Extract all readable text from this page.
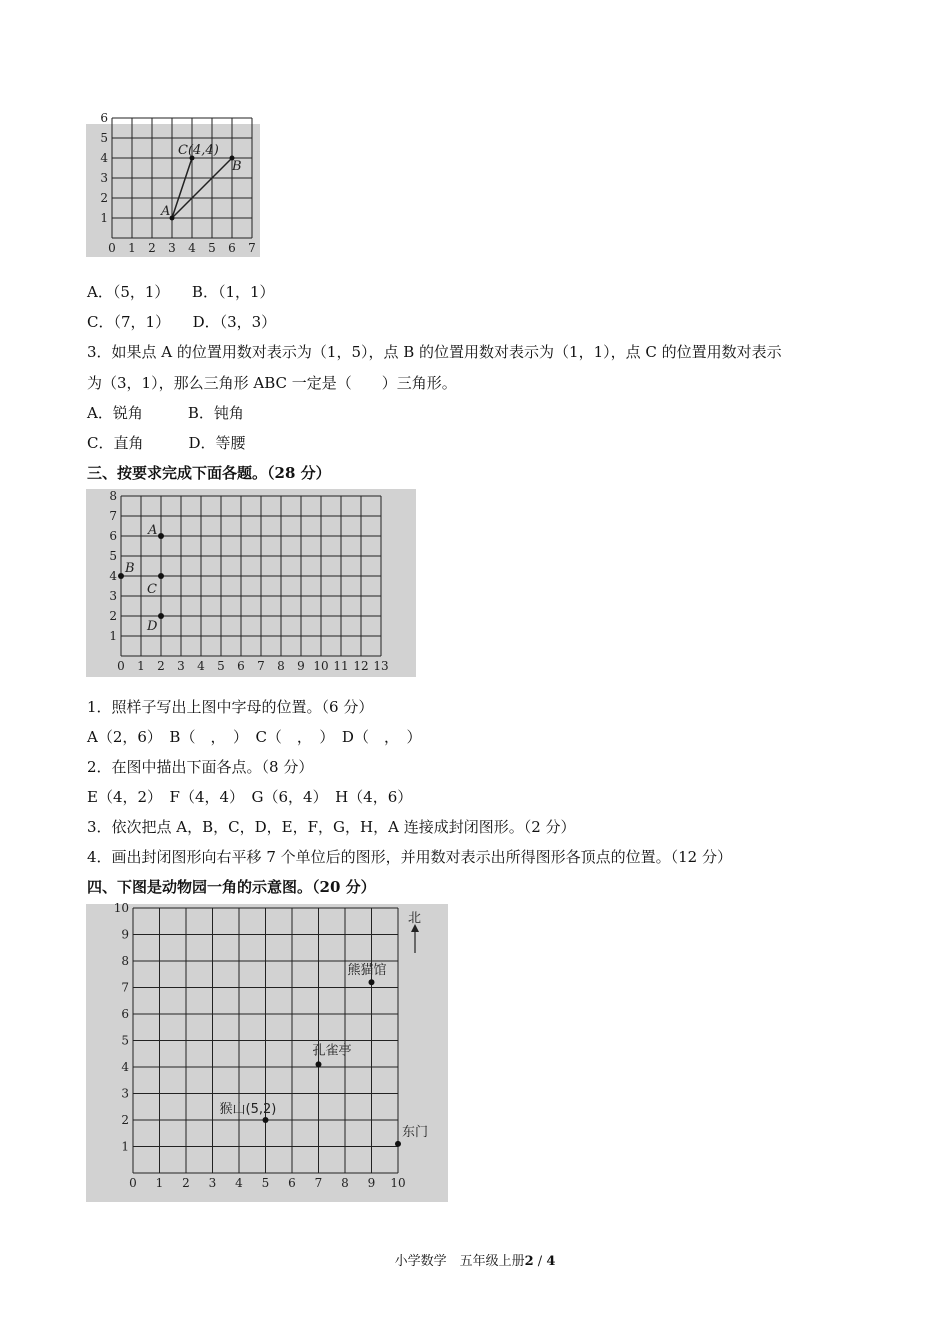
0 1 2 3 4 5 6 7
1
2
3
4
5
6
A
C(4,4)
B
A．（5，1）　　B．（1，1）
C．（7，1）　　D．（3，3）
3．如果点 A 的位置用数对表示为（1，5），点 B 的位置用数对表示为（1，1），点 C 的位置用数对表示
为（3，1），那么三角形 ABC 一定是（　　）三角形。
A．锐角　　　B．钝角
C．直角　　　D．等腰
三、按要求完成下面各题。（28 分）
0 1 2 3 4 5 6 7 8 9 10 11 12 13
1
2
3
4
5
6
7
8
A
B
C
D
1．照样子写出上图中字母的位置。（6 分）
A（2，6）　B（　，　）　C（　，　）　D（　，　）
2．在图中描出下面各点。（8 分）
E（4，2）　F（4，4）　G（6，4）　H（4，6）
3．依次把点 A，B，C，D，E，F，G，H，A 连接成封闭图形。（2 分）
4．画出封闭图形向右平移 7 个单位后的图形，并用数对表示出所得图形各顶点的位置。（12 分）
四、下图是动物园一角的示意图。（20 分）
0 1 2 3 4 5 6 7 8 9 10
1
2
3
4
5
6
7
8
9
10
北
熊猫馆
孔雀亭
猴山(5,2)
东门
小学数学　五年级上册2 / 4
